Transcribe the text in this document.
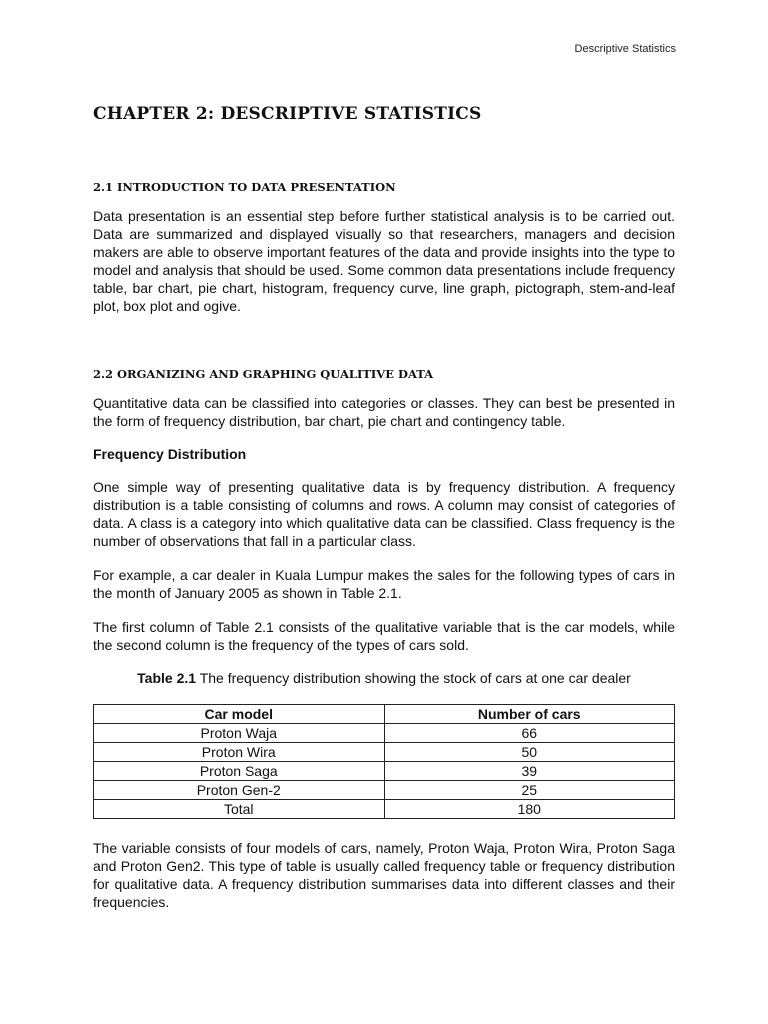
Descriptive Statistics
CHAPTER 2: DESCRIPTIVE STATISTICS
2.1 INTRODUCTION TO DATA PRESENTATION

Data presentation is an essential step before further statistical analysis is to be carried out. Data are summarized and displayed visually so that researchers, managers and decision makers are able to observe important features of the data and provide insights into the type to model and analysis that should be used. Some common data presentations include frequency table, bar chart, pie chart, histogram, frequency curve, line graph, pictograph, stem-and-leaf plot, box plot and ogive.

2.2 ORGANIZING AND GRAPHING QUALITIVE DATA

Quantitative data can be classified into categories or classes. They can best be presented in the form of frequency distribution, bar chart, pie chart and contingency table.

Frequency Distribution

One simple way of presenting qualitative data is by frequency distribution. A frequency distribution is a table consisting of columns and rows. A column may consist of categories of data. A class is a category into which qualitative data can be classified. Class frequency is the number of observations that fall in a particular class.

For example, a car dealer in Kuala Lumpur makes the sales for the following types of cars in the month of January 2005 as shown in Table 2.1.

The first column of Table 2.1 consists of the qualitative variable that is the car models, while the second column is the frequency of the types of cars sold.

Table 2.1 The frequency distribution showing the stock of cars at one car dealer
Car model	Number of cars
Proton Waja	66
Proton Wira	50
Proton Saga	39
Proton Gen-2	25
Total	180

The variable consists of four models of cars, namely, Proton Waja, Proton Wira, Proton Saga and Proton Gen2. This type of table is usually called frequency table or frequency distribution for qualitative data. A frequency distribution summarises data into different classes and their frequencies.
